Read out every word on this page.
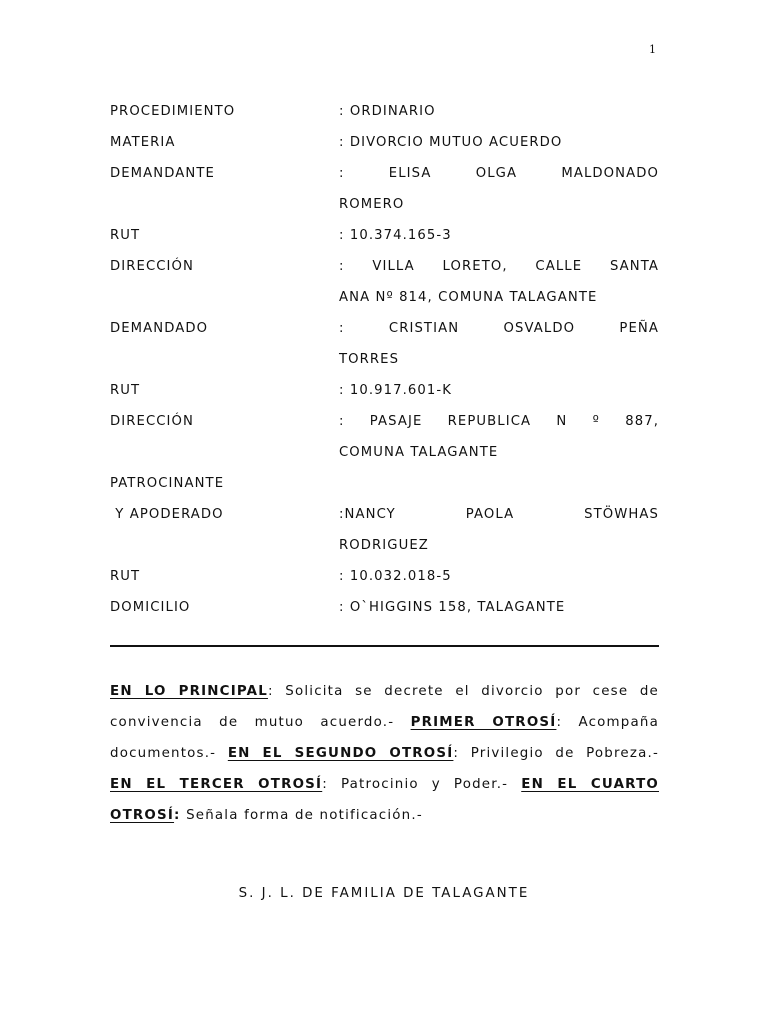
1
PROCEDIMIENTO	: ORDINARIO
MATERIA	: DIVORCIO MUTUO ACUERDO
DEMANDANTE	: ELISA OLGA MALDONADO
ROMERO
RUT	: 10.374.165-3
DIRECCIÓN	: VILLA LORETO, CALLE SANTA
ANA Nº 814, COMUNA TALAGANTE
DEMANDADO	: CRISTIAN OSVALDO PEÑA
TORRES
RUT	: 10.917.601-K
DIRECCIÓN	: PASAJE REPUBLICA N º 887,
COMUNA TALAGANTE
PATROCINANTE
Y APODERADO	:NANCY PAOLA STÖWHAS
RODRIGUEZ
RUT	: 10.032.018-5
DOMICILIO	: O`HIGGINS 158, TALAGANTE
EN LO PRINCIPAL: Solicita se decrete el divorcio por cese de
convivencia de mutuo acuerdo.- PRIMER OTROSÍ: Acompaña
documentos.- EN EL SEGUNDO OTROSÍ: Privilegio de Pobreza.-
EN EL TERCER OTROSÍ: Patrocinio y Poder.- EN EL CUARTO
OTROSÍ: Señala forma de notificación.-
S. J. L. DE FAMILIA DE TALAGANTE
